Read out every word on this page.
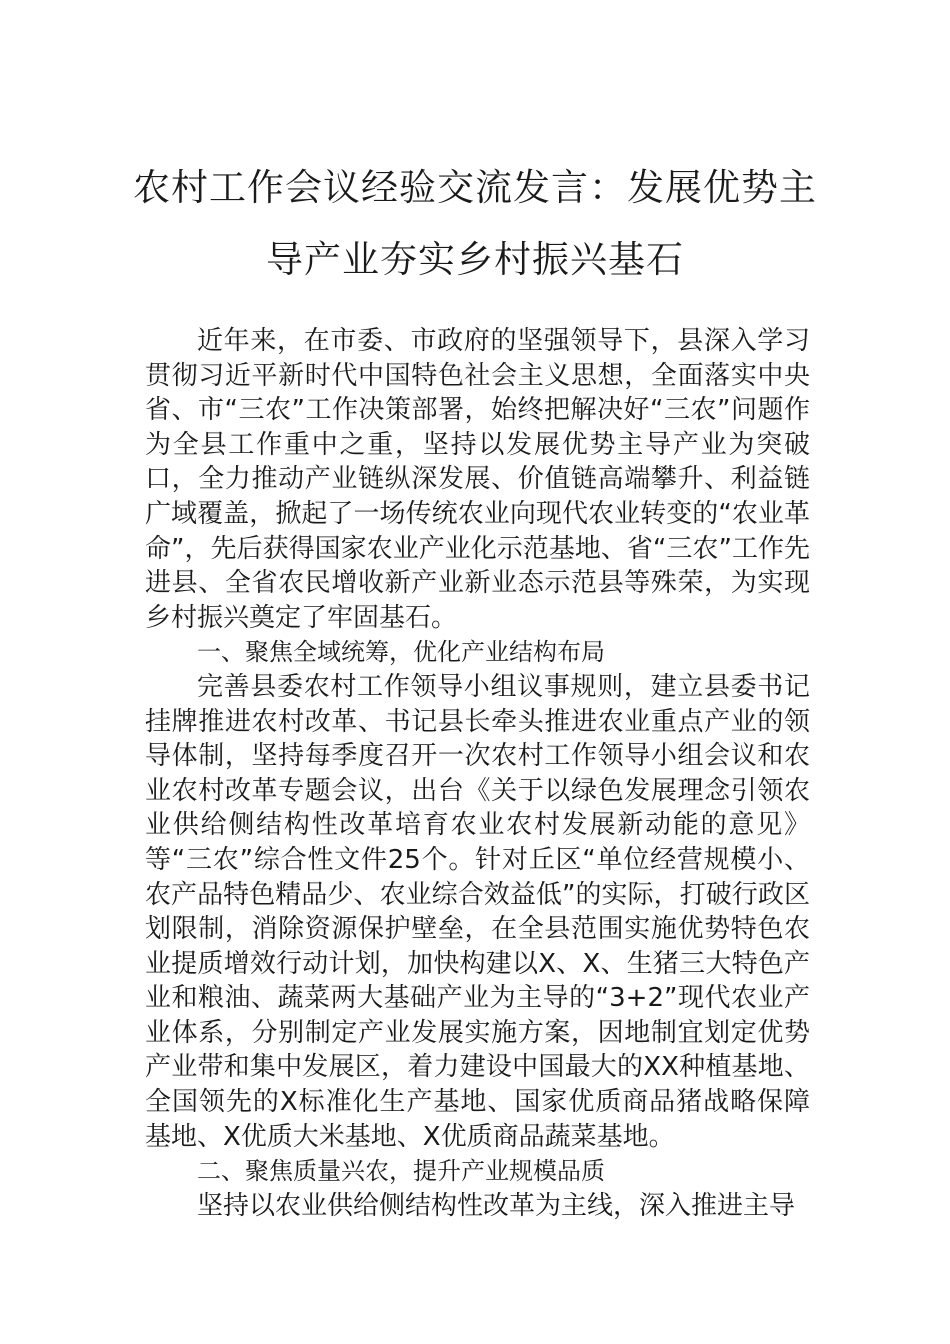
农村工作会议经验交流发言：发展优势主
导产业夯实乡村振兴基石

近年来，在市委、市政府的坚强领导下，县深入学习贯彻习近平新时代中国特色社会主义思想，全面落实中央省、市“三农”工作决策部署，始终把解决好“三农”问题作为全县工作重中之重，坚持以发展优势主导产业为突破口，全力推动产业链纵深发展、价值链高端攀升、利益链广域覆盖，掀起了一场传统农业向现代农业转变的“农业革命”，先后获得国家农业产业化示范基地、省“三农”工作先进县、全省农民增收新产业新业态示范县等殊荣，为实现乡村振兴奠定了牢固基石。

一、聚焦全域统筹，优化产业结构布局

完善县委农村工作领导小组议事规则，建立县委书记挂牌推进农村改革、书记县长牵头推进农业重点产业的领导体制，坚持每季度召开一次农村工作领导小组会议和农业农村改革专题会议，出台《关于以绿色发展理念引领农业供给侧结构性改革培育农业农村发展新动能的意见》等“三农”综合性文件25个。针对丘区“单位经营规模小、农产品特色精品少、农业综合效益低”的实际，打破行政区划限制，消除资源保护壁垒，在全县范围实施优势特色农业提质增效行动计划，加快构建以X、X、生猪三大特色产业和粮油、蔬菜两大基础产业为主导的“3+2”现代农业产业体系，分别制定产业发展实施方案，因地制宜划定优势产业带和集中发展区，着力建设中国最大的XX种植基地、全国领先的X标准化生产基地、国家优质商品猪战略保障基地、X优质大米基地、X优质商品蔬菜基地。

二、聚焦质量兴农，提升产业规模品质

坚持以农业供给侧结构性改革为主线，深入推进主导
